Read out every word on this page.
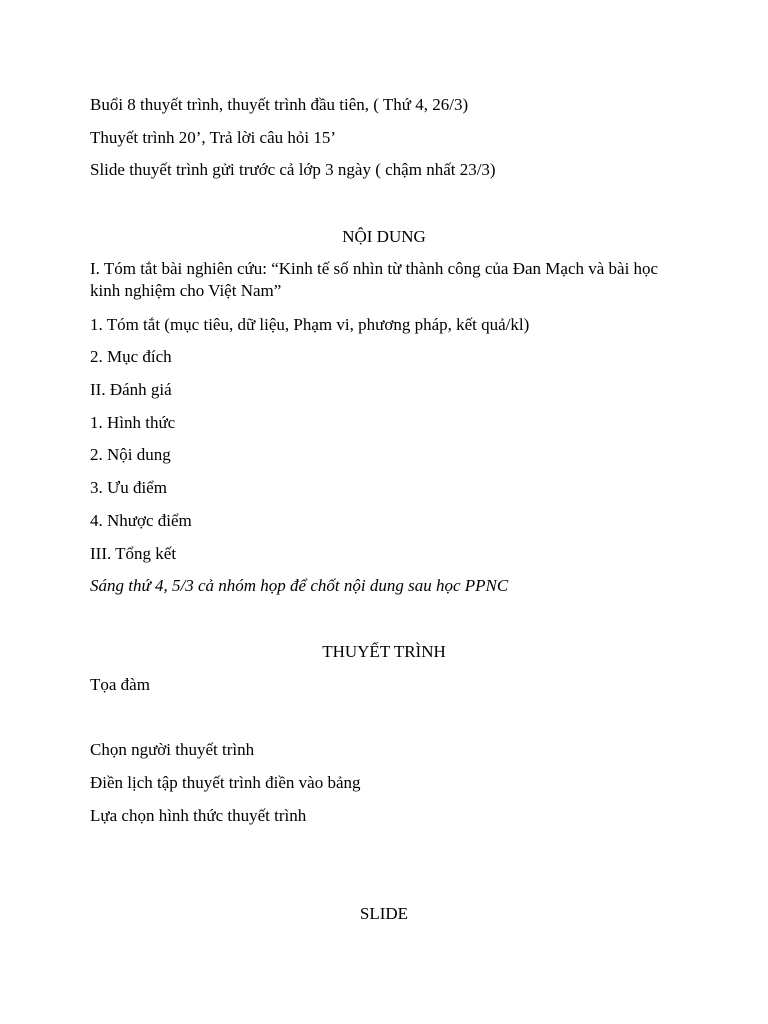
Buổi 8 thuyết trình, thuyết trình đầu tiên, ( Thứ 4, 26/3)
Thuyết trình 20’, Trả lời câu hỏi 15’
Slide thuyết trình gửi trước cả lớp 3 ngày ( chậm nhất 23/3)
NỘI DUNG
I. Tóm tắt bài nghiên cứu: “Kinh tế số nhìn từ thành công của Đan Mạch và bài học kinh nghiệm cho Việt Nam”
1. Tóm tắt (mục tiêu, dữ liệu, Phạm vi, phương pháp, kết quả/kl)
2. Mục đích
II. Đánh giá
1. Hình thức
2. Nội dung
3. Ưu điểm
4. Nhược điểm
III. Tổng kết
Sáng thứ 4, 5/3 cả nhóm họp để chốt nội dung sau học PPNC
THUYẾT TRÌNH
Tọa đàm
Chọn người thuyết trình
Điền lịch tập thuyết trình điền vào bảng
Lựa chọn hình thức thuyết trình
SLIDE
